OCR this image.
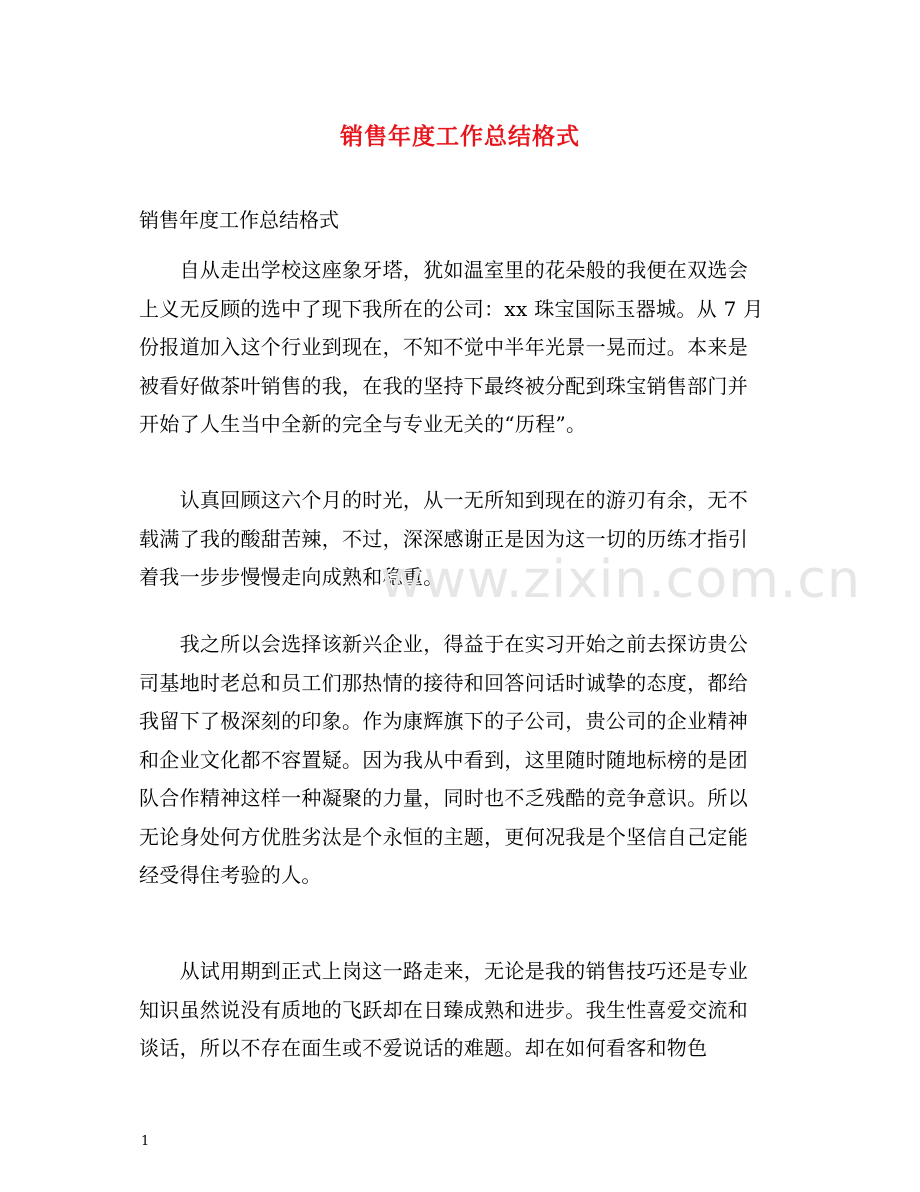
销售年度工作总结格式
销售年度工作总结格式
　　自从走出学校这座象牙塔，犹如温室里的花朵般的我便在双选会
上义无反顾的选中了现下我所在的公司：xx 珠宝国际玉器城。从 7 月
份报道加入这个行业到现在，不知不觉中半年光景一晃而过。本来是
被看好做茶叶销售的我，在我的坚持下最终被分配到珠宝销售部门并
开始了人生当中全新的完全与专业无关的“历程”。
　　认真回顾这六个月的时光，从一无所知到现在的游刃有余，无不
载满了我的酸甜苦辣，不过，深深感谢正是因为这一切的历练才指引
着我一步步慢慢走向成熟和稳重。
　　我之所以会选择该新兴企业，得益于在实习开始之前去探访贵公
司基地时老总和员工们那热情的接待和回答问话时诚挚的态度，都给
我留下了极深刻的印象。作为康辉旗下的子公司，贵公司的企业精神
和企业文化都不容置疑。因为我从中看到，这里随时随地标榜的是团
队合作精神这样一种凝聚的力量，同时也不乏残酷的竞争意识。所以
无论身处何方优胜劣汰是个永恒的主题，更何况我是个坚信自己定能
经受得住考验的人。
　　从试用期到正式上岗这一路走来，无论是我的销售技巧还是专业
知识虽然说没有质地的飞跃却在日臻成熟和进步。我生性喜爱交流和
谈话，所以不存在面生或不爱说话的难题。却在如何看客和物色
www.zixin.com.cn
1
